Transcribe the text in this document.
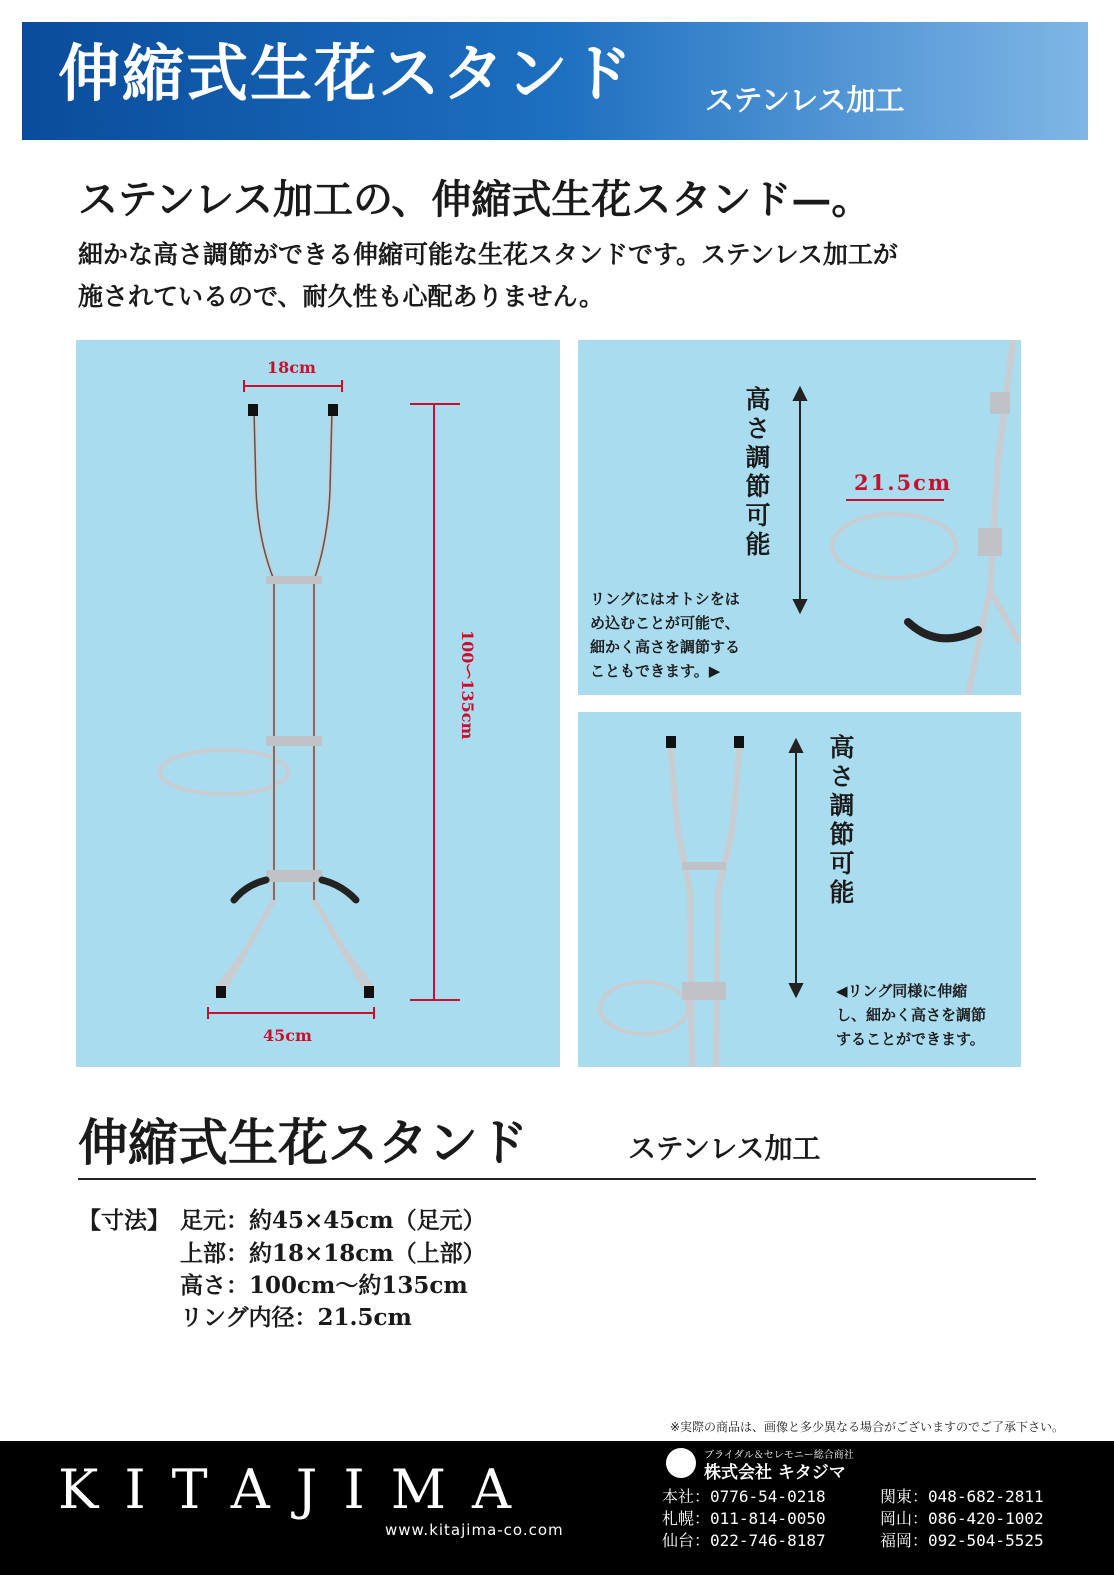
伸縮式生花スタンド ステンレス加工
ステンレス加工の、伸縮式生花スタンド—。
細かな高さ調節ができる伸縮可能な生花スタンドです。ステンレス加工が
施されているので、耐久性も心配ありません。
18cm
45cm
100〜135cm
高さ調節可能	21.5cm
リングにはオトシをは
め込むことが可能で、
細かく高さを調節する
こともできます。▶
高さ調節可能
◀リング同様に伸縮
し、細かく高さを調節
することができます。
伸縮式生花スタンド	ステンレス加工
【寸法】 足元：約45×45cm（足元）
上部：約18×18cm（上部）
高さ：100cm〜約135cm
リング内径：21.5cm
※実際の商品は、画像と多少異なる場合がございますのでご了承下さい。
KITAJIMA
www.kitajima-co.com
ブライダル＆セレモニー総合商社
株式会社 キタジマ
本社：0776-54-0218
札幌：011-814-0050
仙台：022-746-8187
関東：048-682-2811
岡山：086-420-1002
福岡：092-504-5525
